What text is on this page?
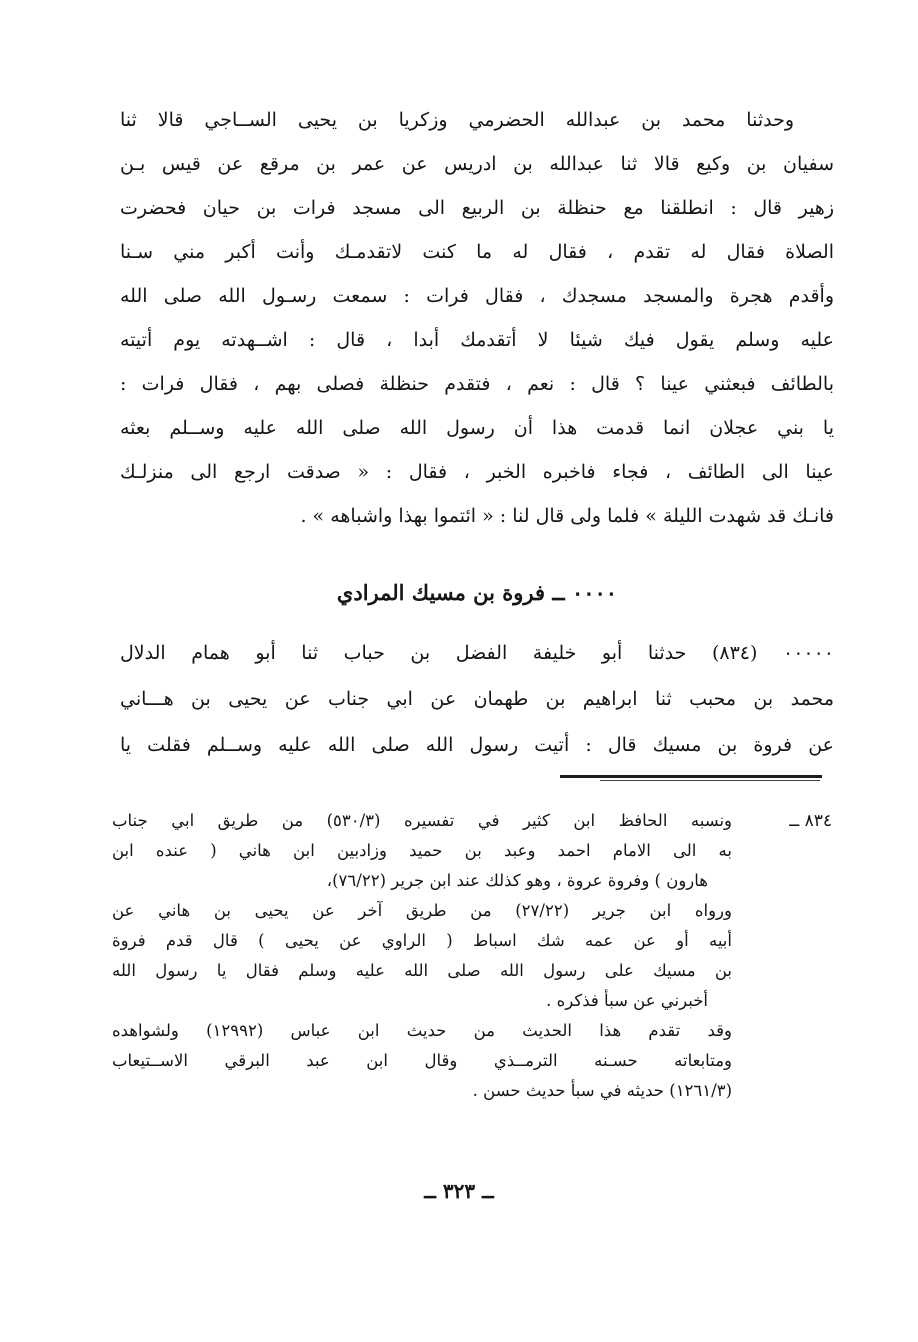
وحدثنا محمد بن عبدالله الحضرمي وزكريا بن يحيى الســاجي قالا ثنا
سفيان بن وكيع قالا ثنا عبدالله بن ادريس عن عمر بن مرقع عن قيس بـن
زهير قال : انطلقنا مع حنظلة بن الربيع الى مسجد فرات بن حيان فحضرت
الصلاة فقال له تقدم ، فقال له ما كنت لاتقدمـك وأنت أكبر مني سـنا
وأقدم هجرة والمسجد مسجدك ، فقال فرات : سمعت رسـول الله صلى الله
عليه وسلم يقول فيك شيئا لا أتقدمك أبدا ، قال : اشــهدته يوم أتيته
بالطائف فبعثني عينا ؟ قال : نعم ، فتقدم حنظلة فصلى بهم ، فقال فرات :
يا بني عجلان انما قدمت هذا أن رسول الله صلى الله عليه وســلم بعثه
عينا الى الطائف ، فجاء فاخبره الخبر ، فقال : « صدقت ارجع الى منزلـك
فانـك قد شهدت الليلة » فلما ولى قال لنا : « ائتموا بهذا واشباهه » .
٠٠٠٠ ــ فروة بن مسيك المرادي
٠٠٠٠٠ (٨٣٤) حدثنا أبو خليفة الفضل بن حباب ثنا أبو همام الدلال
محمد بن محبب ثنا ابراهيم بن طهمان عن ابي جناب عن يحيى بن هـــاني
عن فروة بن مسيك قال : أتيت رسول الله صلى الله عليه وســلم فقلت يا
٨٣٤ ــ
ونسبه الحافظ ابن كثير في تفسيره (٥٣٠/٣) من طريق ابي جناب
به الى الامام احمد وعبد بن حميد وزادبين ابن هاني ( عنده ابن
هارون ) وفروة عروة ، وهو كذلك عند ابن جرير (٧٦/٢٢)،
ورواه ابن جرير (٢٧/٢٢) من طريق آخر عن يحيى بن هاني عن
أبيه أو عن عمه شك اسباط ( الراوي عن يحيى ) قال قدم فروة
بن مسيك على رسول الله صلى الله عليه وسلم فقال يا رسول الله
أخبرني عن سبأ فذكره .
وقد تقدم هذا الحديث من حديث ابن عباس (١٢٩٩٢) ولشواهده
ومتابعاته حسـنه الترمــذي وقال ابن عبد البرقي الاســتيعاب
(١٢٦١/٣) حديثه في سبأ حديث حسن .
ــ ٣٢٣ ــ
